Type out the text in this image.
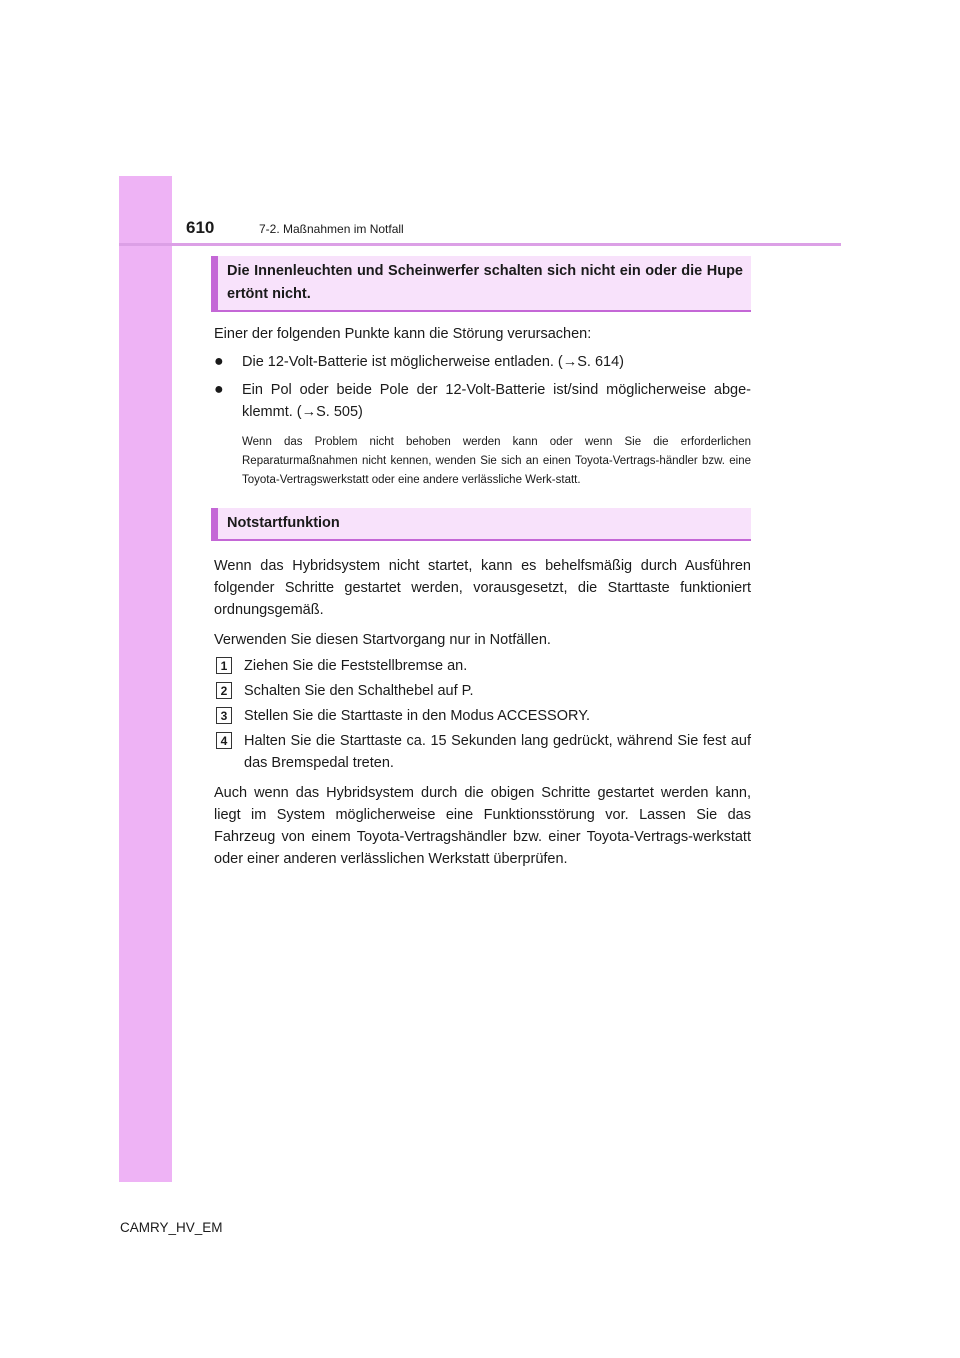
610	7-2. Maßnahmen im Notfall
Die Innenleuchten und Scheinwerfer schalten sich nicht ein oder die Hupe ertönt nicht.
Einer der folgenden Punkte kann die Störung verursachen:
●	Die 12-Volt-Batterie ist möglicherweise entladen. (→S. 614)
●	Ein Pol oder beide Pole der 12-Volt-Batterie ist/sind möglicherweise abge-klemmt. (→S. 505)
Wenn das Problem nicht behoben werden kann oder wenn Sie die erforderlichen Reparaturmaßnahmen nicht kennen, wenden Sie sich an einen Toyota-Vertrags-händler bzw. eine Toyota-Vertragswerkstatt oder eine andere verlässliche Werk-statt.
Notstartfunktion
Wenn das Hybridsystem nicht startet, kann es behelfsmäßig durch Ausführen folgender Schritte gestartet werden, vorausgesetzt, die Starttaste funktioniert ordnungsgemäß.
Verwenden Sie diesen Startvorgang nur in Notfällen.
1	Ziehen Sie die Feststellbremse an.
2	Schalten Sie den Schalthebel auf P.
3	Stellen Sie die Starttaste in den Modus ACCESSORY.
4	Halten Sie die Starttaste ca. 15 Sekunden lang gedrückt, während Sie fest auf das Bremspedal treten.
Auch wenn das Hybridsystem durch die obigen Schritte gestartet werden kann, liegt im System möglicherweise eine Funktionsstörung vor. Lassen Sie das Fahrzeug von einem Toyota-Vertragshändler bzw. einer Toyota-Vertrags-werkstatt oder einer anderen verlässlichen Werkstatt überprüfen.
CAMRY_HV_EM
